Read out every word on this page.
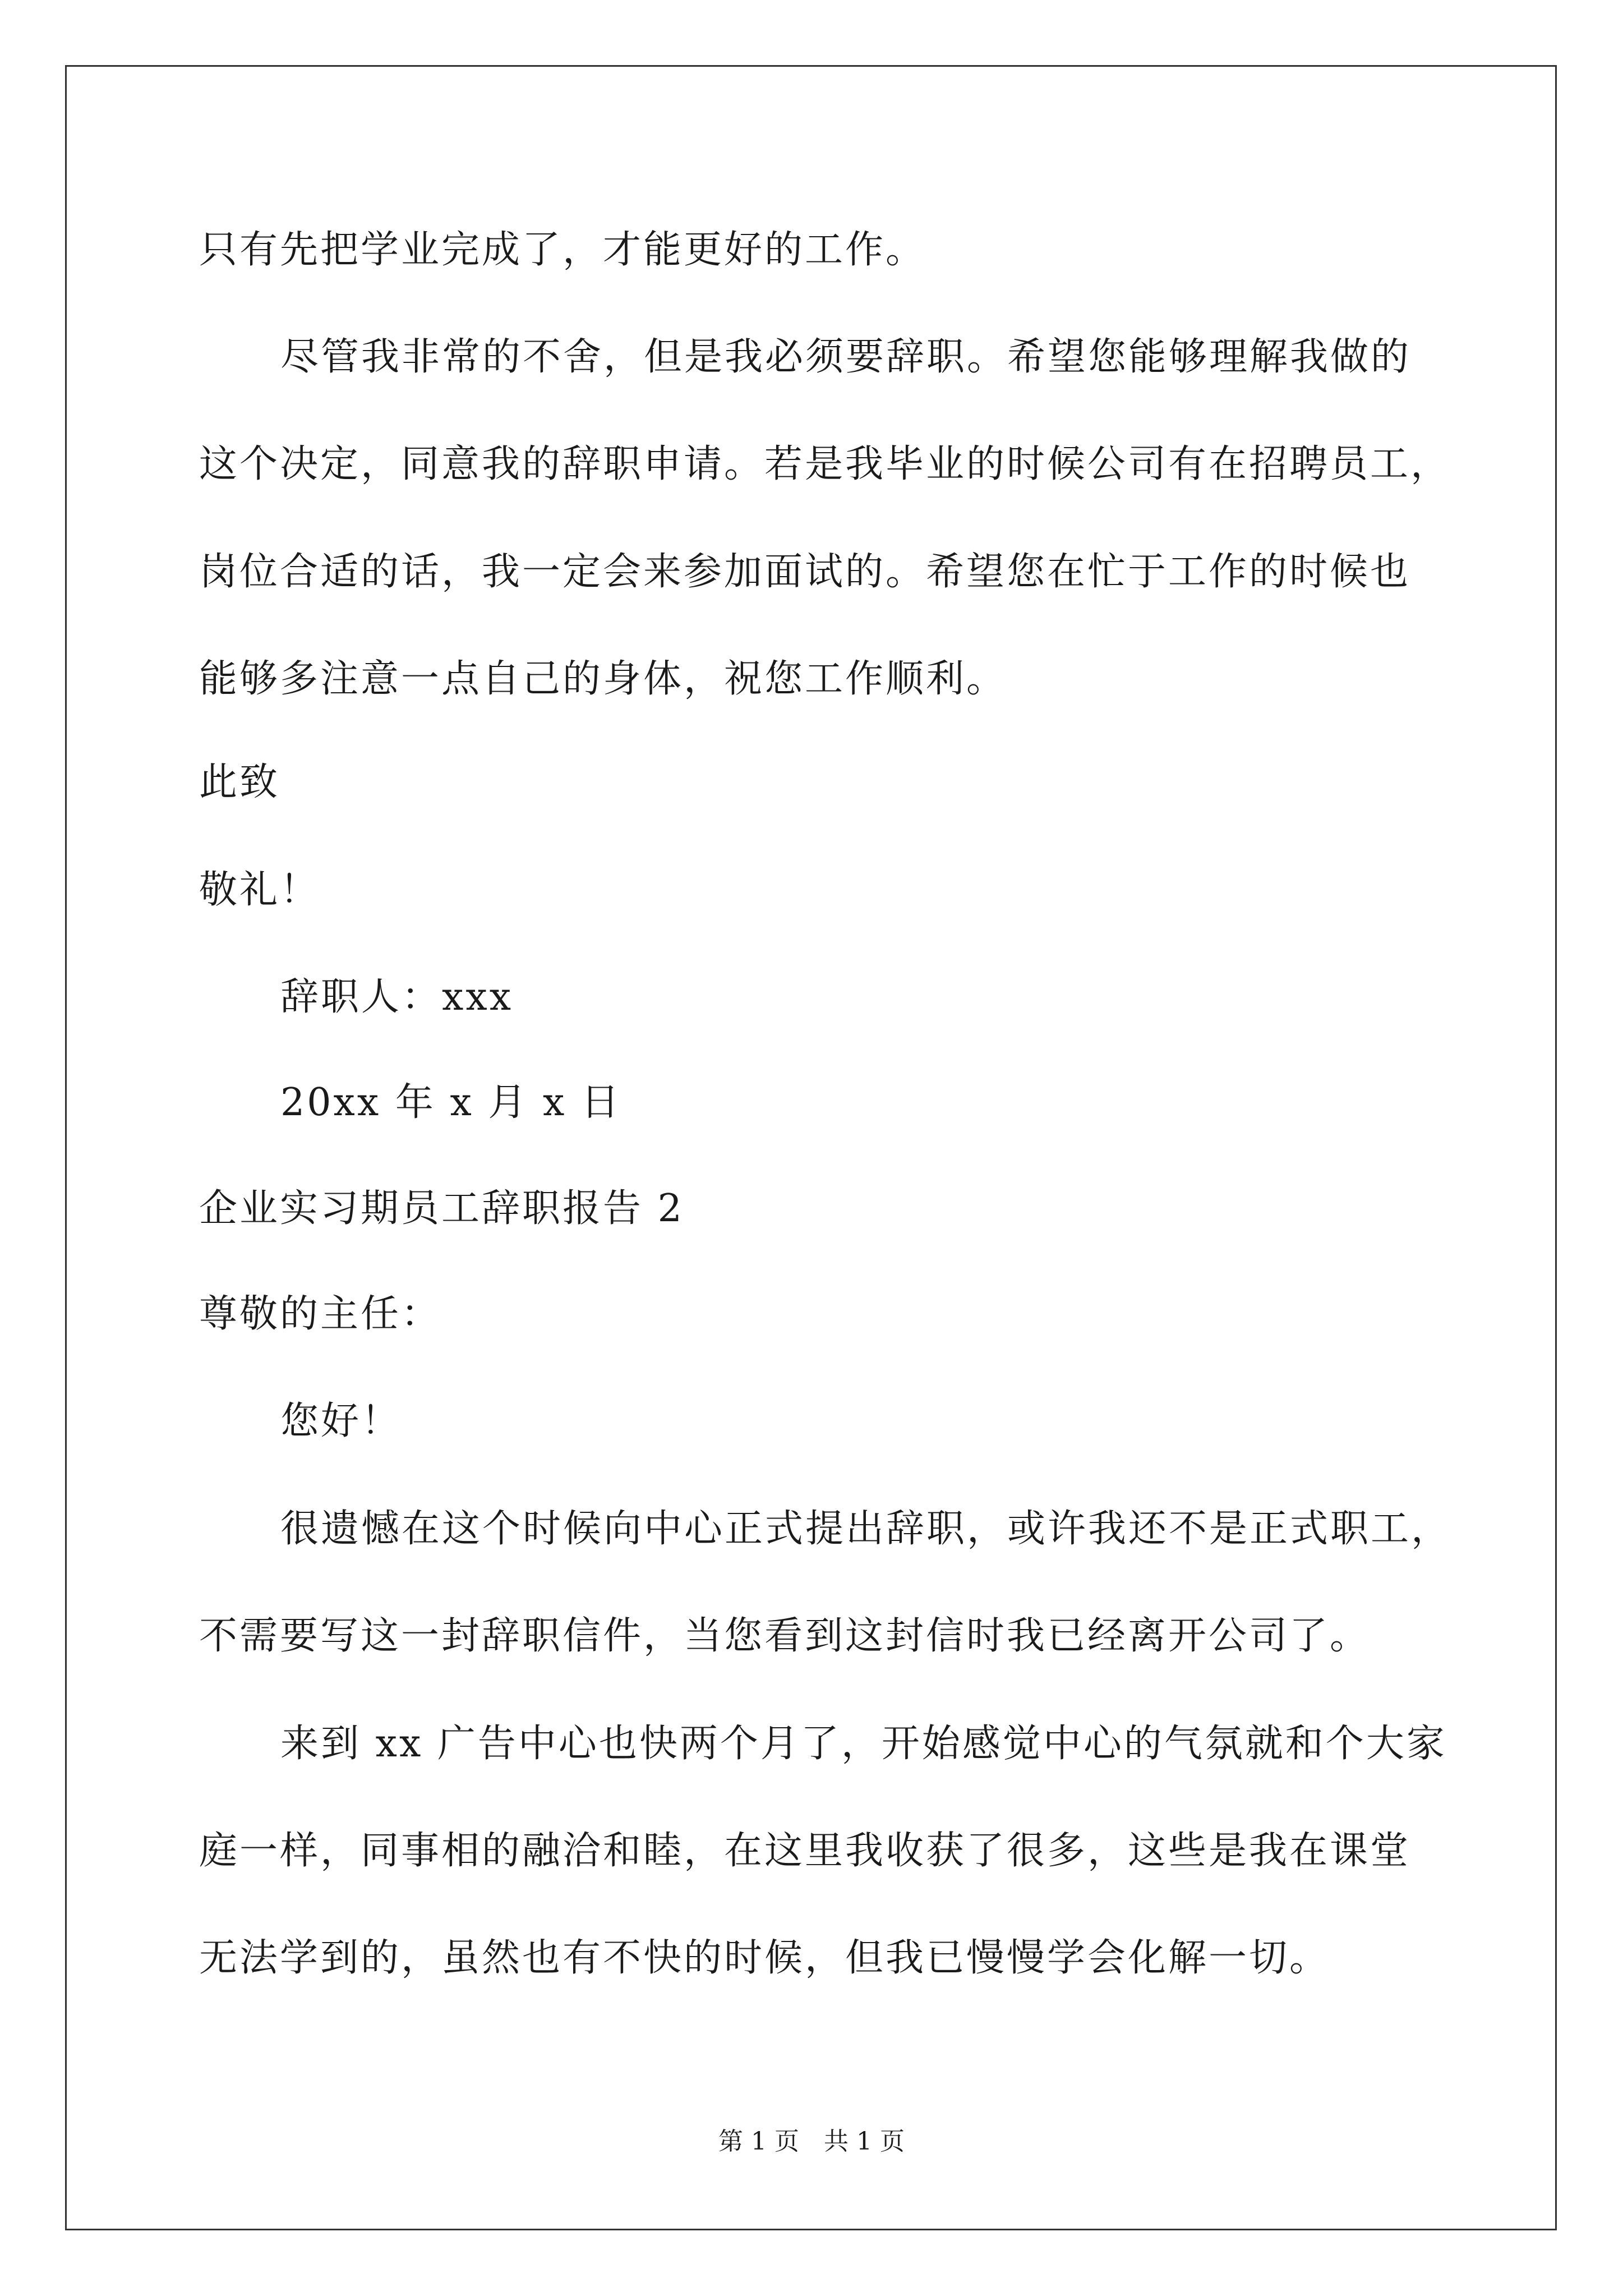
只有先把学业完成了，才能更好的工作。
尽管我非常的不舍，但是我必须要辞职。希望您能够理解我做的
这个决定，同意我的辞职申请。若是我毕业的时候公司有在招聘员工，
岗位合适的话，我一定会来参加面试的。希望您在忙于工作的时候也
能够多注意一点自己的身体，祝您工作顺利。
此致
敬礼！
辞职人：xxx
20xx 年 x 月 x 日
企业实习期员工辞职报告 2
尊敬的主任：
您好！
很遗憾在这个时候向中心正式提出辞职，或许我还不是正式职工，
不需要写这一封辞职信件，当您看到这封信时我已经离开公司了。
来到 xx 广告中心也快两个月了，开始感觉中心的气氛就和个大家
庭一样，同事相的融洽和睦，在这里我收获了很多，这些是我在课堂
无法学到的，虽然也有不快的时候，但我已慢慢学会化解一切。
第 1 页　共 1 页
